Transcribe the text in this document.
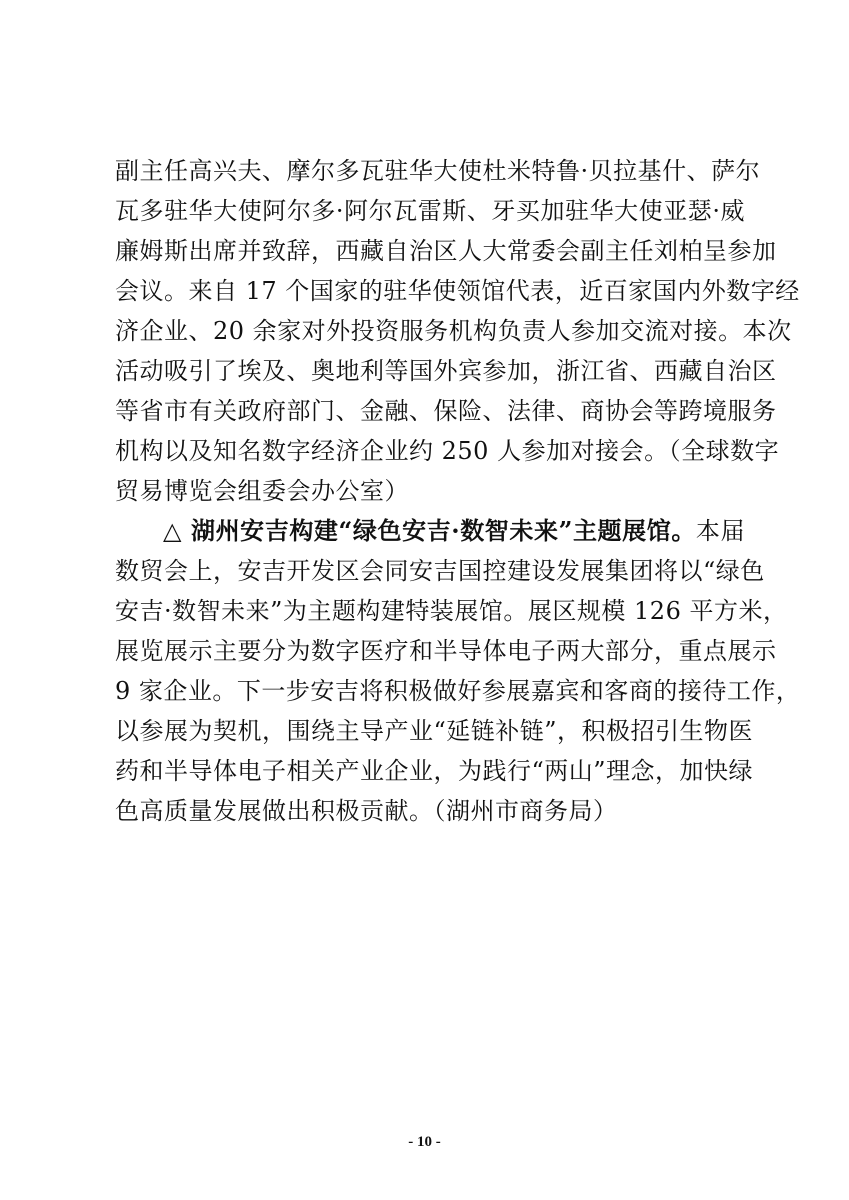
副主任高兴夫、摩尔多瓦驻华大使杜米特鲁·贝拉基什、萨尔
瓦多驻华大使阿尔多·阿尔瓦雷斯、牙买加驻华大使亚瑟·威
廉姆斯出席并致辞，西藏自治区人大常委会副主任刘柏呈参加
会议。来自 17 个国家的驻华使领馆代表，近百家国内外数字经
济企业、20 余家对外投资服务机构负责人参加交流对接。本次
活动吸引了埃及、奥地利等国外宾参加，浙江省、西藏自治区
等省市有关政府部门、金融、保险、法律、商协会等跨境服务
机构以及知名数字经济企业约 250 人参加对接会。（全球数字
贸易博览会组委会办公室）
△ 湖州安吉构建“绿色安吉·数智未来”主题展馆。本届
数贸会上，安吉开发区会同安吉国控建设发展集团将以“绿色
安吉·数智未来”为主题构建特装展馆。展区规模 126 平方米，
展览展示主要分为数字医疗和半导体电子两大部分，重点展示
9 家企业。下一步安吉将积极做好参展嘉宾和客商的接待工作，
以参展为契机，围绕主导产业“延链补链”，积极招引生物医
药和半导体电子相关产业企业，为践行“两山”理念，加快绿
色高质量发展做出积极贡献。（湖州市商务局）
- 10 -
